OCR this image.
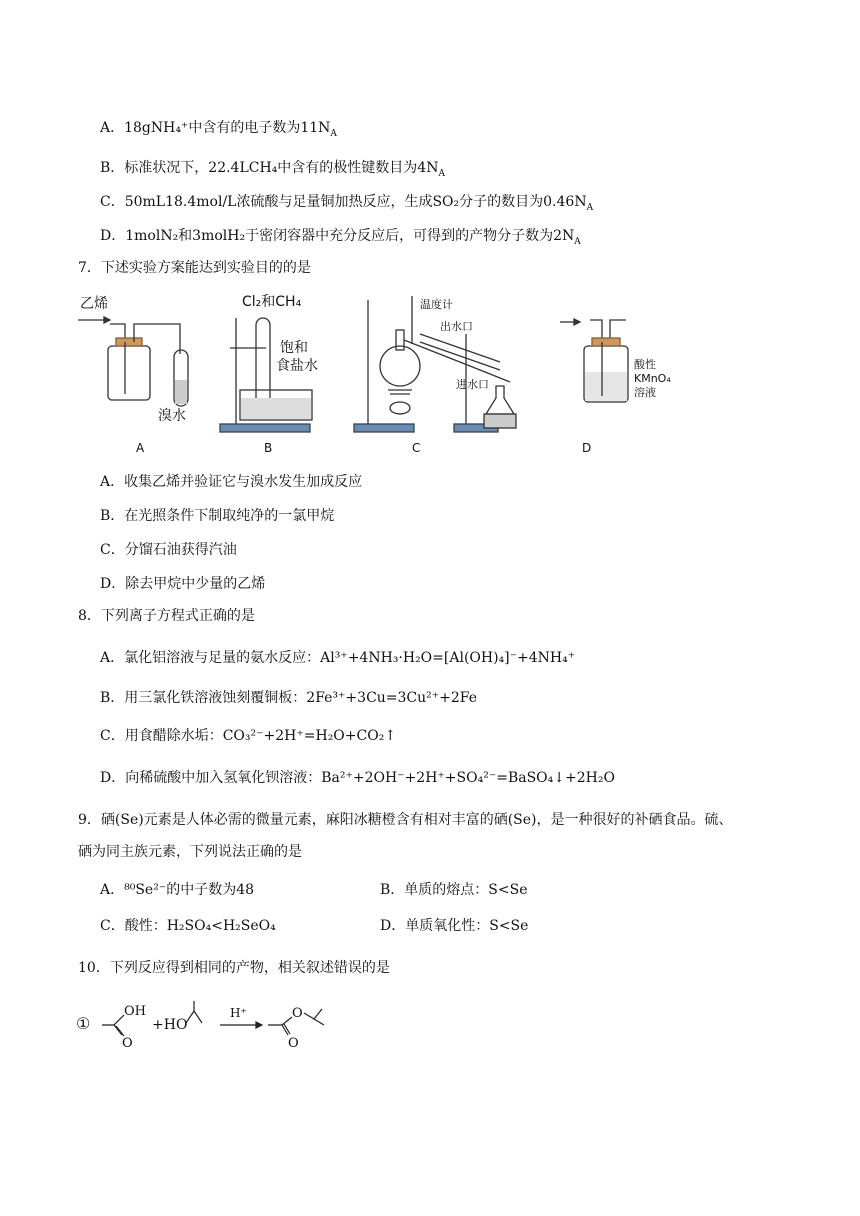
A．18gNH₄⁺中含有的电子数为$11N_A$
B．标准状况下，22.4LCH₄中含有的极性键数目为$4N_A$
C．50mL18.4mol/L浓硫酸与足量铜加热反应，生成SO₂分子的数目为$0.46N_A$
D．1molN₂和3molH₂于密闭容器中充分反应后，可得到的产物分子数为$2N_A$
7．下述实验方案能达到实验目的的是
乙烯
溴水
A
Cl₂和CH₄
饱和
食盐水
B
温度计
出水口
进水口
C
酸性
KMnO₄
溶液
D
A．收集乙烯并验证它与溴水发生加成反应
B．在光照条件下制取纯净的一氯甲烷
C．分馏石油获得汽油
D．除去甲烷中少量的乙烯
8．下列离子方程式正确的是
A．氯化铝溶液与足量的氨水反应：Al³⁺+4NH₃·H₂O=[Al(OH)₄]⁻+4NH₄⁺
B．用三氯化铁溶液蚀刻覆铜板：2Fe³⁺+3Cu=3Cu²⁺+2Fe
C．用食醋除水垢：CO₃²⁻+2H⁺=H₂O+CO₂↑
D．向稀硫酸中加入氢氧化钡溶液：Ba²⁺+2OH⁻+2H⁺+SO₄²⁻=BaSO₄↓+2H₂O
9．硒(Se)元素是人体必需的微量元素，麻阳冰糖橙含有相对丰富的硒(Se)，是一种很好的补硒食品。硫、
硒为同主族元素，下列说法正确的是
A．⁸⁰Se²⁻的中子数为48	B．单质的熔点：S<Se
C．酸性：H₂SO₄<H₂SeO₄	D．单质氧化性：S<Se
10．下列反应得到相同的产物，相关叙述错误的是
①
OH
O
+HO
H⁺
O
O
